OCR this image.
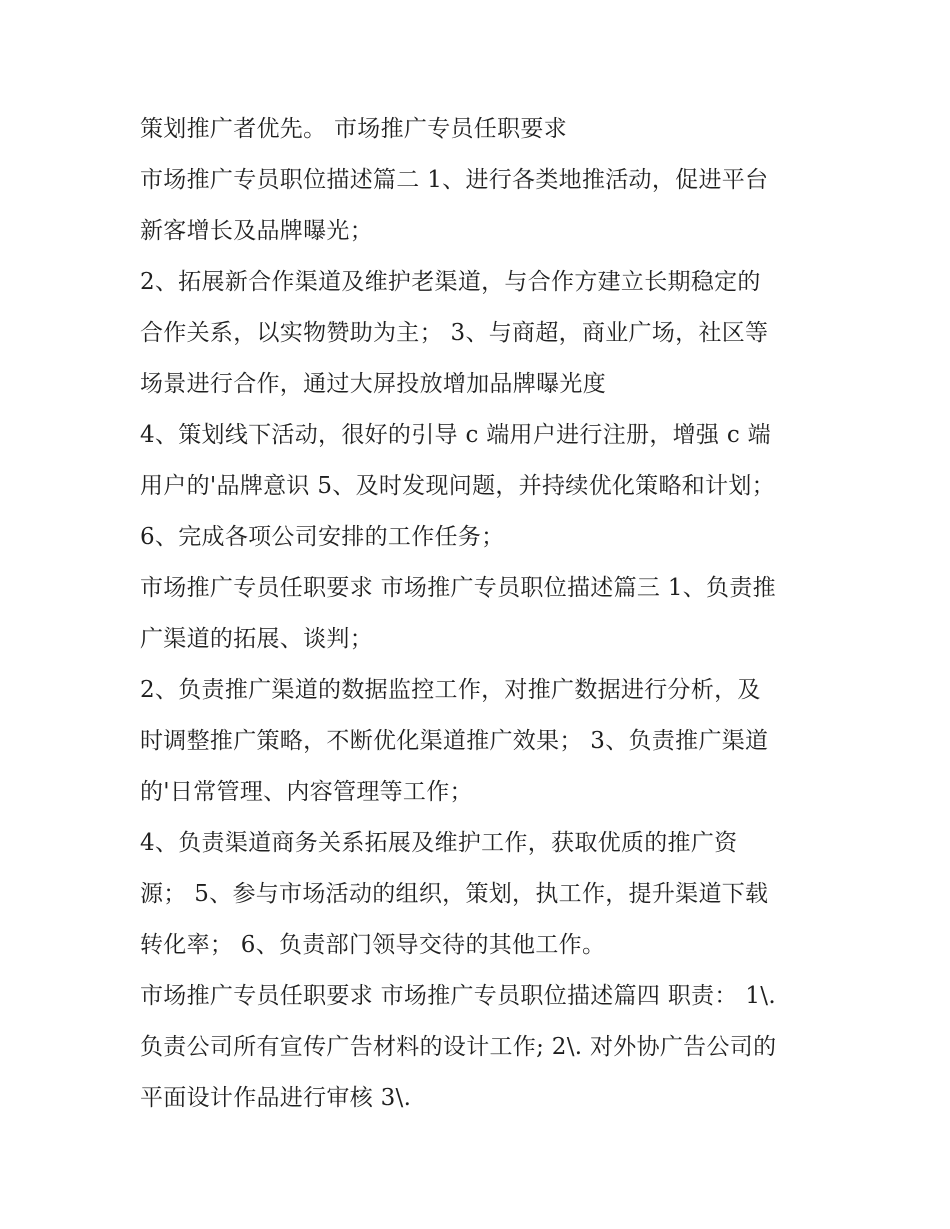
策划推广者优先。 市场推广专员任职要求
市场推广专员职位描述篇二 1、进行各类地推活动，促进平台
新客增长及品牌曝光；
2、拓展新合作渠道及维护老渠道，与合作方建立长期稳定的
合作关系，以实物赞助为主； 3、与商超，商业广场，社区等
场景进行合作，通过大屏投放增加品牌曝光度
4、策划线下活动，很好的引导 c 端用户进行注册，增强 c 端
用户的'品牌意识 5、及时发现问题，并持续优化策略和计划；
6、完成各项公司安排的工作任务；
市场推广专员任职要求 市场推广专员职位描述篇三 1、负责推
广渠道的拓展、谈判；
2、负责推广渠道的数据监控工作，对推广数据进行分析，及
时调整推广策略，不断优化渠道推广效果； 3、负责推广渠道
的'日常管理、内容管理等工作；
4、负责渠道商务关系拓展及维护工作，获取优质的推广资
源； 5、参与市场活动的组织，策划，执工作，提升渠道下载
转化率； 6、负责部门领导交待的其他工作。
市场推广专员任职要求 市场推广专员职位描述篇四 职责： 1\.
负责公司所有宣传广告材料的设计工作; 2\. 对外协广告公司的
平面设计作品进行审核 3\.
